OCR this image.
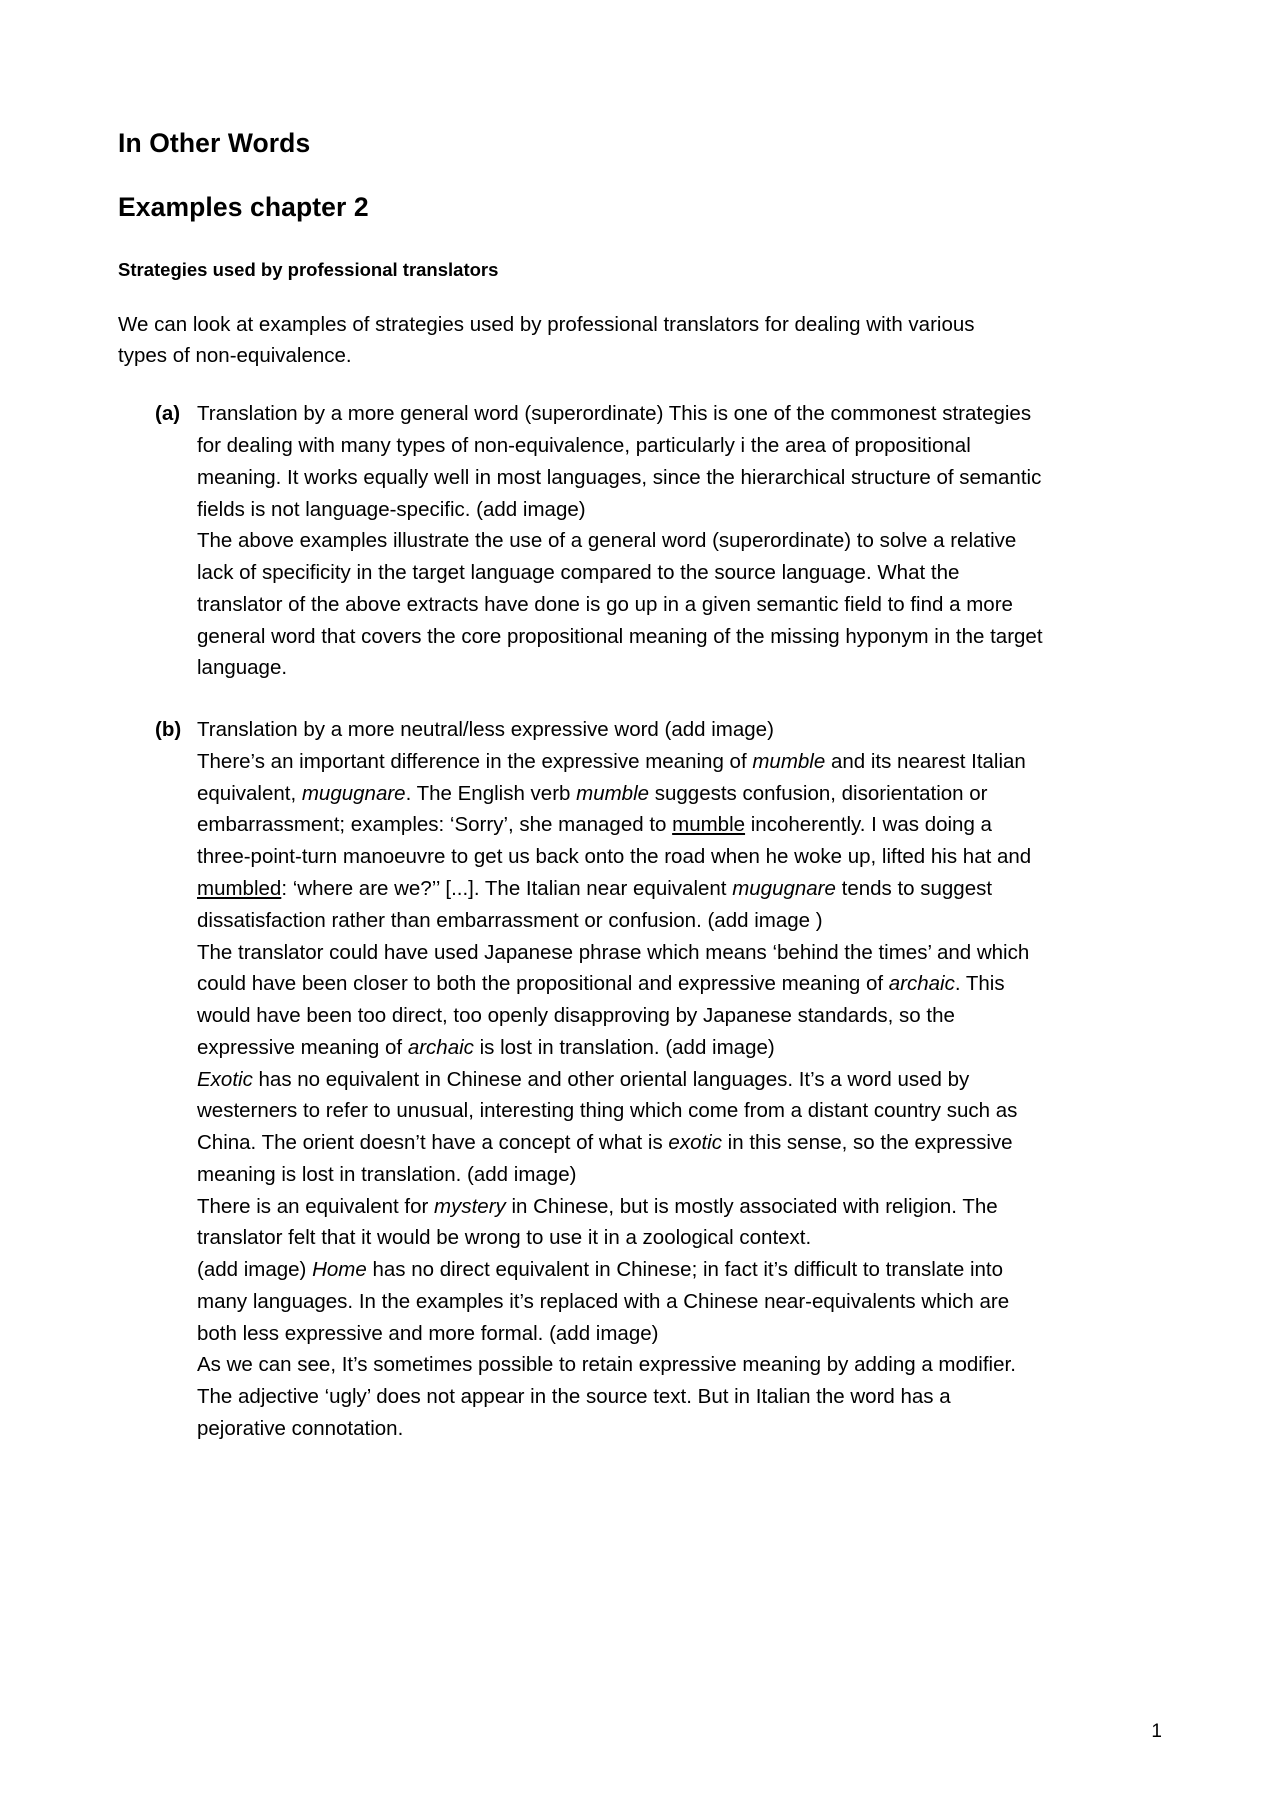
In Other Words
Examples chapter 2
Strategies used by professional translators

We can look at examples of strategies used by professional translators for dealing with various types of non-equivalence.

(a) Translation by a more general word (superordinate) This is one of the commonest strategies for dealing with many types of non-equivalence, particularly i the area of propositional meaning. It works equally well in most languages, since the hierarchical structure of semantic fields is not language-specific. (add image)

The above examples illustrate the use of a general word (superordinate) to solve a relative lack of specificity in the target language compared to the source language. What the translator of the above extracts have done is go up in a given semantic field to find a more general word that covers the core propositional meaning of the missing hyponym in the target language.

(b) Translation by a more neutral/less expressive word (add image)

There’s an important difference in the expressive meaning of mumble and its nearest Italian equivalent, mugugnare. The English verb mumble suggests confusion, disorientation or embarrassment; examples: ‘Sorry’, she managed to mumble incoherently. I was doing a three-point-turn manoeuvre to get us back onto the road when he woke up, lifted his hat and mumbled: ‘where are we?’’ [...]. The Italian near equivalent mugugnare tends to suggest dissatisfaction rather than embarrassment or confusion. (add image )

The translator could have used Japanese phrase which means ‘behind the times’ and which could have been closer to both the propositional and expressive meaning of archaic. This would have been too direct, too openly disapproving by Japanese standards, so the expressive meaning of archaic is lost in translation. (add image)

Exotic has no equivalent in Chinese and other oriental languages. It’s a word used by westerners to refer to unusual, interesting thing which come from a distant country such as China. The orient doesn’t have a concept of what is exotic in this sense, so the expressive meaning is lost in translation. (add image)

There is an equivalent for mystery in Chinese, but is mostly associated with religion. The translator felt that it would be wrong to use it in a zoological context.

(add image) Home has no direct equivalent in Chinese; in fact it’s difficult to translate into many languages. In the examples it’s replaced with a Chinese near-equivalents which are both less expressive and more formal. (add image)

As we can see, It’s sometimes possible to retain expressive meaning by adding a modifier. The adjective ‘ugly’ does not appear in the source text. But in Italian the word has a pejorative connotation.

1
